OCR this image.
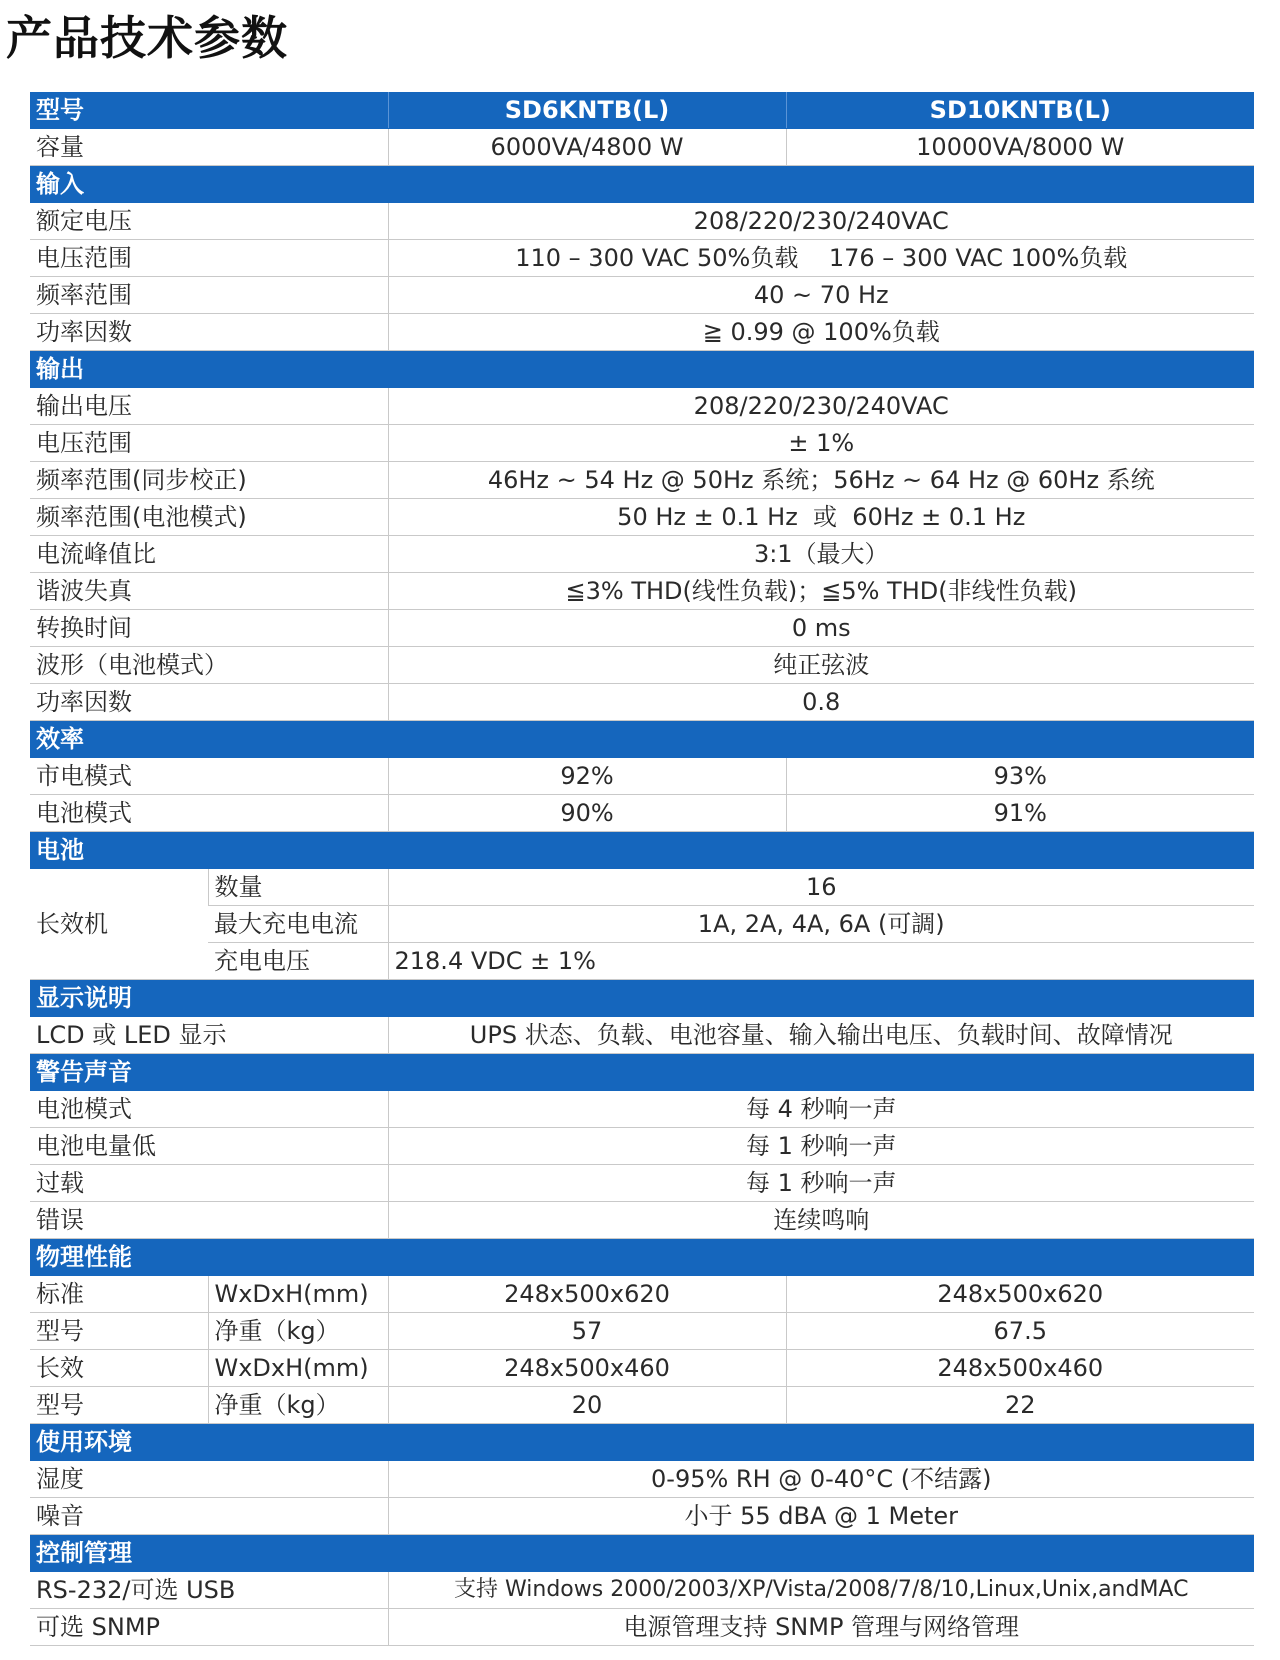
产品技术参数
型号		SD6KNTB(L)	SD10KNTB(L)
容量		6000VA/4800 W	10000VA/8000 W
输入			
额定电压		208/220/230/240VAC	
电压范围		110 – 300 VAC 50%负载    176 – 300 VAC 100%负载	
频率范围		40 ~ 70 Hz	
功率因数		≧ 0.99 @ 100%负载	
输出			
输出电压		208/220/230/240VAC	
电压范围		± 1%	
频率范围(同步校正)		46Hz ~ 54 Hz @ 50Hz 系统；56Hz ~ 64 Hz @ 60Hz 系统	
频率范围(电池模式)		50 Hz ± 0.1 Hz  或  60Hz ± 0.1 Hz	
电流峰值比		3:1（最大）	
谐波失真		≦3% THD(线性负载)；≦5% THD(非线性负载)	
转换时间		0 ms	
波形（电池模式）		纯正弦波	
功率因数		0.8	
效率			
市电模式		92%	93%
电池模式		90%	91%
电池			
长效机	数量	16	
	最大充电电流	1A, 2A, 4A, 6A (可調)	
	充电电压	218.4 VDC ± 1%	
显示说明			
LCD 或 LED 显示		UPS 状态、负载、电池容量、输入输出电压、负载时间、故障情况	
警告声音			
电池模式		每 4 秒响一声	
电池电量低		每 1 秒响一声	
过载		每 1 秒响一声	
错误		连续鸣响	
物理性能			
标准	WxDxH(mm)	248x500x620	248x500x620
型号	净重（kg）	57	67.5
长效	WxDxH(mm)	248x500x460	248x500x460
型号	净重（kg）	20	22
使用环境			
湿度		0-95% RH @ 0-40°C (不结露)	
噪音		小于 55 dBA @ 1 Meter	
控制管理			
RS-232/可选 USB		支持 Windows 2000/2003/XP/Vista/2008/7/8/10,Linux,Unix,andMAC	
可选 SNMP		电源管理支持 SNMP 管理与网络管理	
